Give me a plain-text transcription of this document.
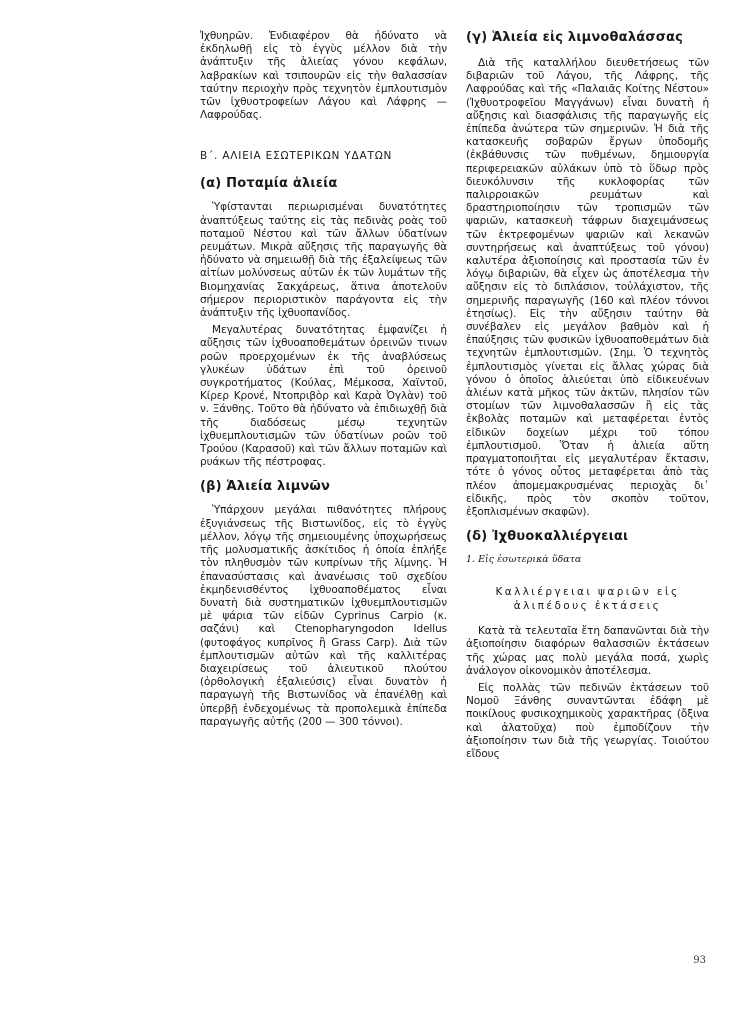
Ἰχθυηρῶν. Ἐνδιαφέρον θὰ ἠδύνατο νὰ ἐκδηλωθῇ εἰς τὸ ἐγγὺς μέλλον διὰ τὴν ἀνάπτυξιν τῆς ἁλιείας γόνου κεφάλων, λαβρακίων καὶ τσιπουρῶν εἰς τὴν θαλασσίαν ταύτην περιοχὴν πρὸς τεχνητὸν ἐμπλουτισμὸν τῶν ἰχθυοτροφείων Λάγου καὶ Λάφρης — Λαφρούδας.

Β΄. ΑΛΙΕΙΑ ΕΣΩΤΕΡΙΚΩΝ ΥΔΑΤΩΝ
(α) Ποταμία ἁλιεία

Ὑφίστανται περιωρισμέναι δυνατότητες ἀναπτύξεως ταύτης εἰς τὰς πεδινὰς ροὰς τοῦ ποταμοῦ Νέστου καὶ τῶν ἄλλων ὑδατίνων ρευμάτων. Μικρὰ αὔξησις τῆς παραγωγῆς θὰ ἠδύνατο νὰ σημειωθῇ διὰ τῆς ἐξαλείψεως τῶν αἰτίων μολύνσεως αὐτῶν ἐκ τῶν λυμάτων τῆς Βιομηχανίας Σακχάρεως, ἅτινα ἀποτελοῦν σήμερον περιοριστικὸν παράγοντα εἰς τὴν ἀνάπτυξιν τῆς ἰχθυοπανίδος.

Μεγαλυτέρας δυνατότητας ἐμφανίζει ἡ αὔξησις τῶν ἰχθυοαποθεμάτων ὀρεινῶν τινων ροῶν προερχομένων ἐκ τῆς ἀναβλύσεως γλυκέων ὑδάτων ἐπὶ τοῦ ὀρεινοῦ συγκροτήματος (Κούλας, Μέμκοσα, Χαϊντοῦ, Κίρερ Κρονέ, Ντοπριβὸρ καὶ Καρὰ Ὀγλὰν) τοῦ ν. Ξάνθης. Τοῦτο θὰ ἠδύνατο νὰ ἐπιδιωχθῇ διὰ τῆς διαδόσεως μέσῳ τεχνητῶν ἰχθυεμπλουτισμῶν τῶν ὑδατίνων ροῶν τοῦ Τρούου (Καρασοῦ) καὶ τῶν ἄλλων ποταμῶν καὶ ρυάκων τῆς πέστροφας.

(β) Ἁλιεία λιμνῶν

Ὑπάρχουν μεγάλαι πιθανότητες πλήρους ἐξυγιάνσεως τῆς Βιστωνίδος, εἰς τὸ ἐγγὺς μέλλον, λόγῳ τῆς σημειουμένης ὑποχωρήσεως τῆς μολυσματικῆς ἀσκίτιδος ἡ ὁποία ἐπλήξε τὸν πληθυσμὸν τῶν κυπρίνων τῆς λίμνης. Ἡ ἐπανασύστασις καὶ ἀνανέωσις τοῦ σχεδίου ἐκμηδενισθέντος ἰχθυοαποθέματος εἶναι δυνατὴ διὰ συστηματικῶν ἰχθυεμπλουτισμῶν μὲ ψάρια τῶν εἰδῶν Cyprinus Carpio (κ. σαζάνι) καὶ Ctenopharyngodon Idellus (φυτοφάγος κυπρῖνος ἢ Grass Carp). Διὰ τῶν ἐμπλουτισμῶν αὐτῶν καὶ τῆς καλλιτέρας διαχειρίσεως τοῦ ἁλιευτικοῦ πλούτου (ὀρθολογικὴ ἐξαλιεύσις) εἶναι δυνατὸν ἡ παραγωγὴ τῆς Βιστωνίδος νὰ ἐπανέλθῃ καὶ ὑπερβῇ ἐνδεχομένως τὰ προπολεμικὰ ἐπίπεδα παραγωγῆς αὐτῆς (200 — 300 τόννοι).

(γ) Ἁλιεία εἰς λιμνοθαλάσσας

Διὰ τῆς καταλλήλου διευθετήσεως τῶν διβαριῶν τοῦ Λάγου, τῆς Λάφρης, τῆς Λαφρούδας καὶ τῆς «Παλαιᾶς Κοίτης Νέστου» (Ἰχθυοτροφεῖου Μαγγάνων) εἶναι δυνατὴ ἡ αὔξησις καὶ διασφάλισις τῆς παραγωγῆς εἰς ἐπίπεδα ἀνώτερα τῶν σημερινῶν. Ἡ διὰ τῆς κατασκευῆς σοβαρῶν ἔργων ὑποδομῆς (ἐκβάθυνσις τῶν πυθμένων, δημιουργία περιφερειακῶν αὐλάκων ὑπὸ τὸ ὕδωρ πρὸς διευκόλυνσιν τῆς κυκλοφορίας τῶν παλιρροιακῶν ρευμάτων καὶ δραστηριοποίησιν τῶν τροπισμῶν τῶν ψαριῶν, κατασκευὴ τάφρων διαχειμάνσεως τῶν ἐκτρεφομένων ψαριῶν καὶ λεκανῶν συντηρήσεως καὶ ἀναπτύξεως τοῦ γόνου) καλυτέρα ἀξιοποίησις καὶ προστασία τῶν ἐν λόγῳ διβαριῶν, θὰ εἶχεν ὡς ἀποτέλεσμα τὴν αὔξησιν εἰς τὸ διπλάσιον, τοὐλάχιστον, τῆς σημερινῆς παραγωγῆς (160 καὶ πλέον τόννοι ἐτησίως). Εἰς τὴν αὔξησιν ταύτην θὰ συνέβαλεν εἰς μεγάλον βαθμὸν καὶ ἡ ἐπαύξησις τῶν φυσικῶν ἰχθυοαποθεμάτων διὰ τεχνητῶν ἐμπλουτισμῶν. (Σημ. Ὁ τεχνητὸς ἐμπλουτισμὸς γίνεται εἰς ἄλλας χώρας διὰ γόνου ὁ ὁποῖος ἁλιεύεται ὑπὸ εἰδικευένων ἁλιέων κατὰ μῆκος τῶν ἀκτῶν, πλησίον τῶν στομίων τῶν λιμνοθαλασσῶν ἢ εἰς τὰς ἐκβολὰς ποταμῶν καὶ μεταφέρεται ἐντὸς εἰδικῶν δοχείων μέχρι τοῦ τόπου ἐμπλουτισμοῦ. Ὅταν ἡ ἁλιεία αὕτη πραγματοποιῆται εἰς μεγαλυτέραν ἔκτασιν, τότε ὁ γόνος οὗτος μεταφέρεται ἀπὸ τὰς πλέον ἀπομεμακρυσμένας περιοχὰς δι᾽ εἰδικῆς, πρὸς τὸν σκοπὸν τοῦτον, ἐξοπλισμένων σκαφῶν).

(δ) Ἰχθυοκαλλιέργειαι
1. Εἰς ἐσωτερικὰ ὕδατα
Καλλιέργειαι ψαριῶν εἰς ἁλιπέδους ἐκτάσεις

Κατὰ τὰ τελευταῖα ἔτη δαπανῶνται διὰ τὴν ἀξιοποίησιν διαφόρων θαλασσιῶν ἐκτάσεων τῆς χώρας μας πολὺ μεγάλα ποσά, χωρὶς ἀνάλογον οἰκονομικὸν ἀποτέλεσμα.

Εἰς πολλὰς τῶν πεδινῶν ἐκτάσεων τοῦ Νομοῦ Ξάνθης συναντῶνται ἐδάφη μὲ ποικίλους φυσικοχημικοὺς χαρακτῆρας (ὄξινα καὶ ἀλατοῦχα) ποὺ ἐμποδίζουν τὴν ἀξιοποίησιν των διὰ τῆς γεωργίας. Τοιούτου εἴδους

93
